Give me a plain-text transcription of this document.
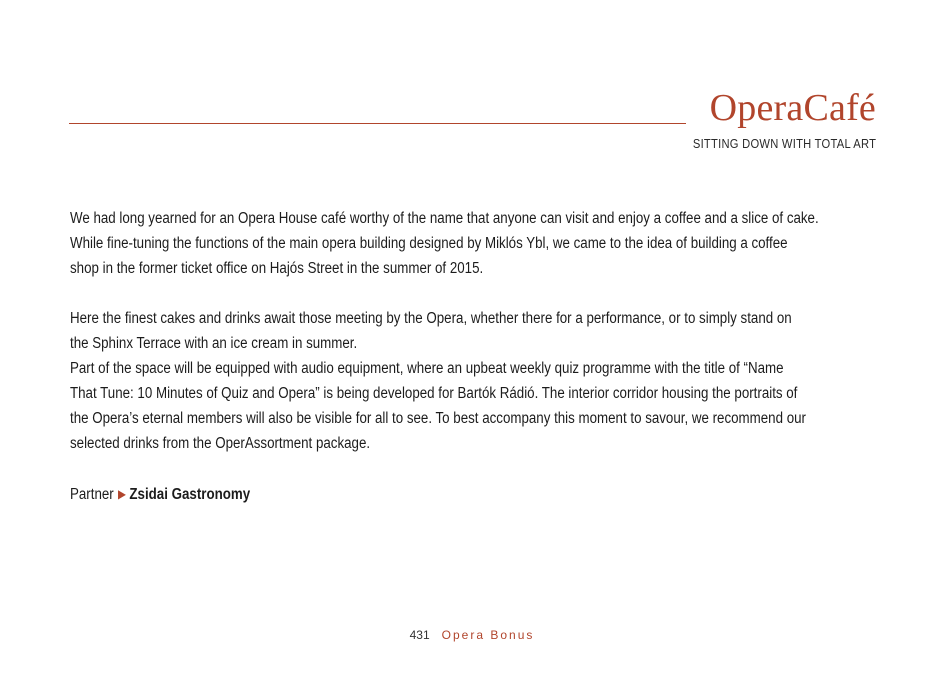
OperaCafé
SITTING DOWN WITH TOTAL ART
We had long yearned for an Opera House café worthy of the name that anyone can visit and enjoy a coffee and a slice of cake.
While fine-tuning the functions of the main opera building designed by Miklós Ybl, we came to the idea of building a coffee
shop in the former ticket office on Hajós Street in the summer of 2015.
Here the finest cakes and drinks await those meeting by the Opera, whether there for a performance, or to simply stand on
the Sphinx Terrace with an ice cream in summer.
Part of the space will be equipped with audio equipment, where an upbeat weekly quiz programme with the title of “Name
That Tune: 10 Minutes of Quiz and Opera” is being developed for Bartók Rádió. The interior corridor housing the portraits of
the Opera’s eternal members will also be visible for all to see. To best accompany this moment to savour, we recommend our
selected drinks from the OperAssortment package.
Partner ▶ Zsidai Gastronomy
431 Opera Bonus
